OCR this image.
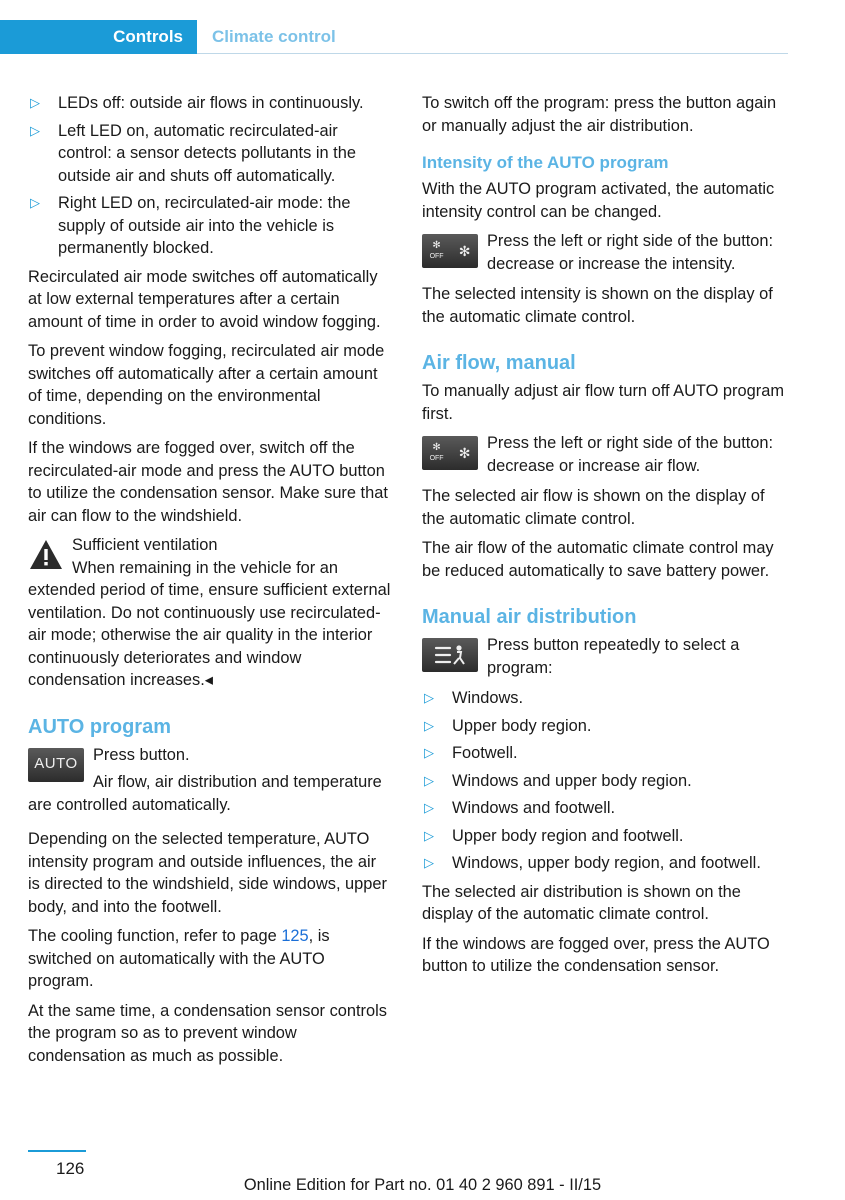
Controls	Climate control
▷ LEDs off: outside air flows in continuously.
▷ Left LED on, automatic recirculated-air control: a sensor detects pollutants in the outside air and shuts off automatically.
▷ Right LED on, recirculated-air mode: the supply of outside air into the vehicle is permanently blocked.

Recirculated air mode switches off automatically at low external temperatures after a certain amount of time in order to avoid window fogging.

To prevent window fogging, recirculated air mode switches off automatically after a certain amount of time, depending on the environmental conditions.

If the windows are fogged over, switch off the recirculated-air mode and press the AUTO button to utilize the condensation sensor. Make sure that air can flow to the windshield.

Sufficient ventilation
When remaining in the vehicle for an extended period of time, ensure sufficient external ventilation. Do not continuously use recirculated-air mode; otherwise the air quality in the interior continuously deteriorates and window condensation increases.◂
AUTO program
AUTO
Press button.
Air flow, air distribution and temperature are controlled automatically.

Depending on the selected temperature, AUTO intensity program and outside influences, the air is directed to the windshield, side windows, upper body, and into the footwell.

The cooling function, refer to page 125, is switched on automatically with the AUTO program.

At the same time, a condensation sensor controls the program so as to prevent window condensation as much as possible.

To switch off the program: press the button again or manually adjust the air distribution.

Intensity of the AUTO program

With the AUTO program activated, the automatic intensity control can be changed.

✻
OFF ✻
Press the left or right side of the button: decrease or increase the intensity.

The selected intensity is shown on the display of the automatic climate control.

Air flow, manual

To manually adjust air flow turn off AUTO program first.

✻
OFF ✻
Press the left or right side of the button: decrease or increase air flow.

The selected air flow is shown on the display of the automatic climate control.

The air flow of the automatic climate control may be reduced automatically to save battery power.

Manual air distribution
Press button repeatedly to select a program:
▷ Windows.
▷ Upper body region.
▷ Footwell.
▷ Windows and upper body region.
▷ Windows and footwell.
▷ Upper body region and footwell.
▷ Windows, upper body region, and footwell.

The selected air distribution is shown on the display of the automatic climate control.

If the windows are fogged over, press the AUTO button to utilize the condensation sensor.

126
Online Edition for Part no. 01 40 2 960 891 - II/15
